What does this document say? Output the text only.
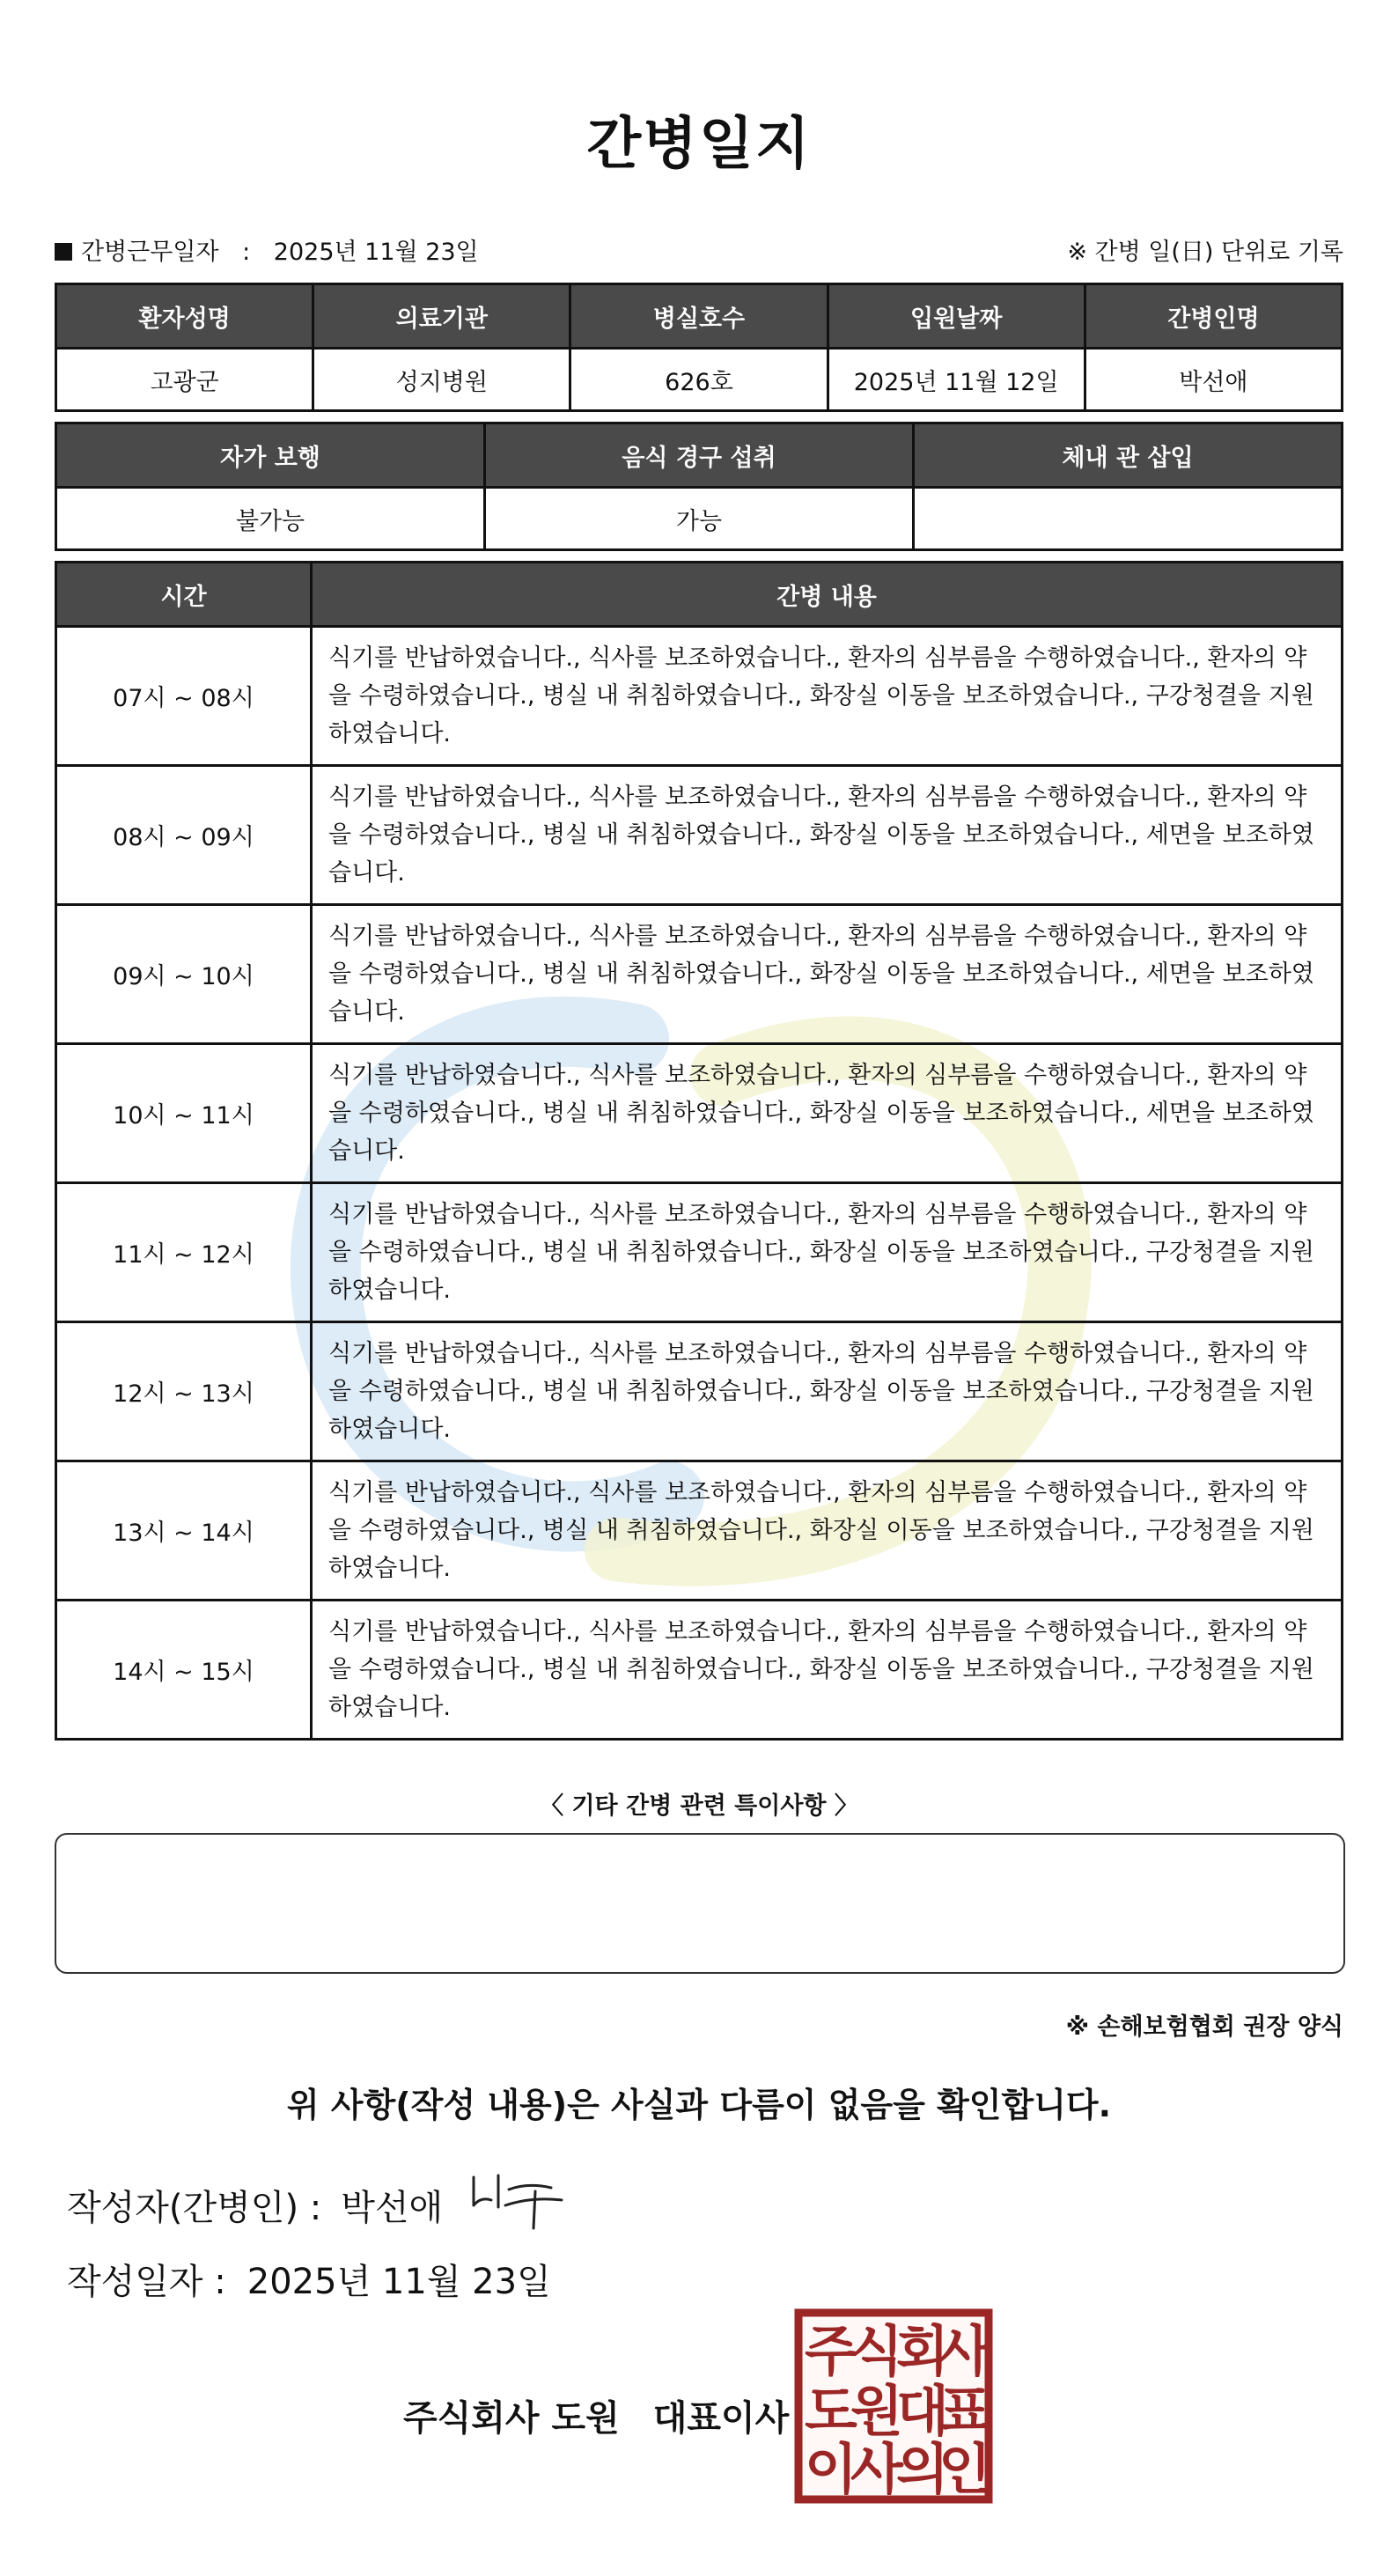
간병일지
간병근무일자 : 2025년 11월 23일	※ 간병 일(日) 단위로 기록
환자성명	의료기관	병실호수	입원날짜	간병인명
고광군	성지병원	626호	2025년 11월 12일	박선애
자가 보행	음식 경구 섭취	체내 관 삽입
불가능	가능	
시간	간병 내용
07시 ~ 08시	식기를 반납하였습니다., 식사를 보조하였습니다., 환자의 심부름을 수행하였습니다., 환자의 약을 수령하였습니다., 병실 내 취침하였습니다., 화장실 이동을 보조하였습니다., 구강청결을 지원하였습니다.
08시 ~ 09시	식기를 반납하였습니다., 식사를 보조하였습니다., 환자의 심부름을 수행하였습니다., 환자의 약을 수령하였습니다., 병실 내 취침하였습니다., 화장실 이동을 보조하였습니다., 세면을 보조하였습니다.
09시 ~ 10시	식기를 반납하였습니다., 식사를 보조하였습니다., 환자의 심부름을 수행하였습니다., 환자의 약을 수령하였습니다., 병실 내 취침하였습니다., 화장실 이동을 보조하였습니다., 세면을 보조하였습니다.
10시 ~ 11시	식기를 반납하였습니다., 식사를 보조하였습니다., 환자의 심부름을 수행하였습니다., 환자의 약을 수령하였습니다., 병실 내 취침하였습니다., 화장실 이동을 보조하였습니다., 세면을 보조하였습니다.
11시 ~ 12시	식기를 반납하였습니다., 식사를 보조하였습니다., 환자의 심부름을 수행하였습니다., 환자의 약을 수령하였습니다., 병실 내 취침하였습니다., 화장실 이동을 보조하였습니다., 구강청결을 지원하였습니다.
12시 ~ 13시	식기를 반납하였습니다., 식사를 보조하였습니다., 환자의 심부름을 수행하였습니다., 환자의 약을 수령하였습니다., 병실 내 취침하였습니다., 화장실 이동을 보조하였습니다., 구강청결을 지원하였습니다.
13시 ~ 14시	식기를 반납하였습니다., 식사를 보조하였습니다., 환자의 심부름을 수행하였습니다., 환자의 약을 수령하였습니다., 병실 내 취침하였습니다., 화장실 이동을 보조하였습니다., 구강청결을 지원하였습니다.
14시 ~ 15시	식기를 반납하였습니다., 식사를 보조하였습니다., 환자의 심부름을 수행하였습니다., 환자의 약을 수령하였습니다., 병실 내 취침하였습니다., 화장실 이동을 보조하였습니다., 구강청결을 지원하였습니다.
〈 기타 간병 관련 특이사항 〉
※ 손해보험협회 권장 양식
위 사항(작성 내용)은 사실과 다름이 없음을 확인합니다.
작성자(간병인) : 박선애
작성일자 : 2025년 11월 23일
주식회사 도원 대표이사
주
식
회
사
도
원
대
표
이
사
의
인
